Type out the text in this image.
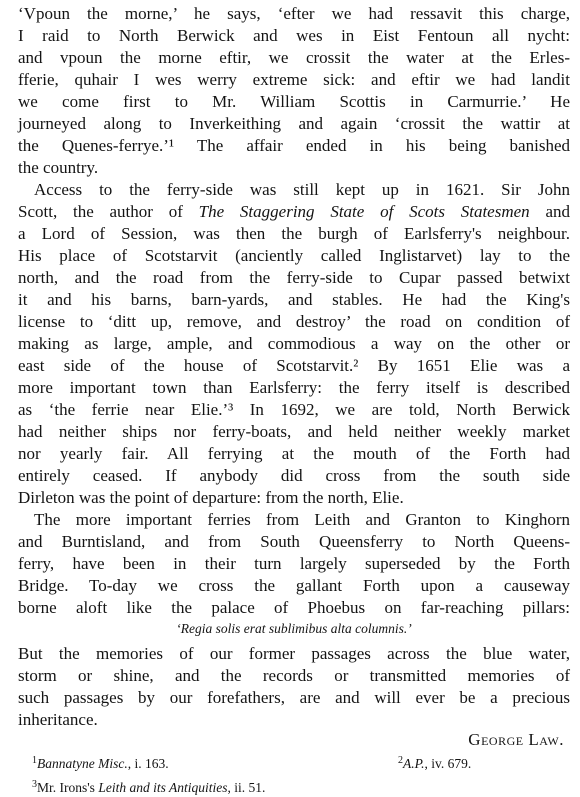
‘Vpoun the morne,’ he says, ‘efter we had ressavit this charge,
I raid to North Berwick and wes in Eist Fentoun all nycht:
and vpoun the morne eftir, we crossit the water at the Erles-
fferie, quhair I wes werry extreme sick: and eftir we had landit
we come first to Mr. William Scottis in Carmurrie.’ He
journeyed along to Inverkeithing and again ‘crossit the wattir at
the Quenes-ferrye.’¹ The affair ended in his being banished
the country.
Access to the ferry-side was still kept up in 1621. Sir John
Scott, the author of The Staggering State of Scots Statesmen and
a Lord of Session, was then the burgh of Earlsferry's neighbour.
His place of Scotstarvit (anciently called Inglistarvet) lay to the
north, and the road from the ferry-side to Cupar passed betwixt
it and his barns, barn-yards, and stables. He had the King's
license to ‘ditt up, remove, and destroy’ the road on condition of
making as large, ample, and commodious a way on the other or
east side of the house of Scotstarvit.² By 1651 Elie was a
more important town than Earlsferry: the ferry itself is described
as ‘the ferrie near Elie.’³ In 1692, we are told, North Berwick
had neither ships nor ferry-boats, and held neither weekly market
nor yearly fair. All ferrying at the mouth of the Forth had
entirely ceased. If anybody did cross from the south side
Dirleton was the point of departure: from the north, Elie.
The more important ferries from Leith and Granton to Kinghorn
and Burntisland, and from South Queensferry to North Queens-
ferry, have been in their turn largely superseded by the Forth
Bridge. To-day we cross the gallant Forth upon a causeway
borne aloft like the palace of Phoebus on far-reaching pillars:
‘Regia solis erat sublimibus alta columnis.’
But the memories of our former passages across the blue water,
storm or shine, and the records or transmitted memories of
such passages by our forefathers, are and will ever be a precious
inheritance.
George Law.
$^1$Bannatyne Misc., i. 163.	$^2$A.P., iv. 679.
$^3$Mr. Irons's Leith and its Antiquities, ii. 51.
